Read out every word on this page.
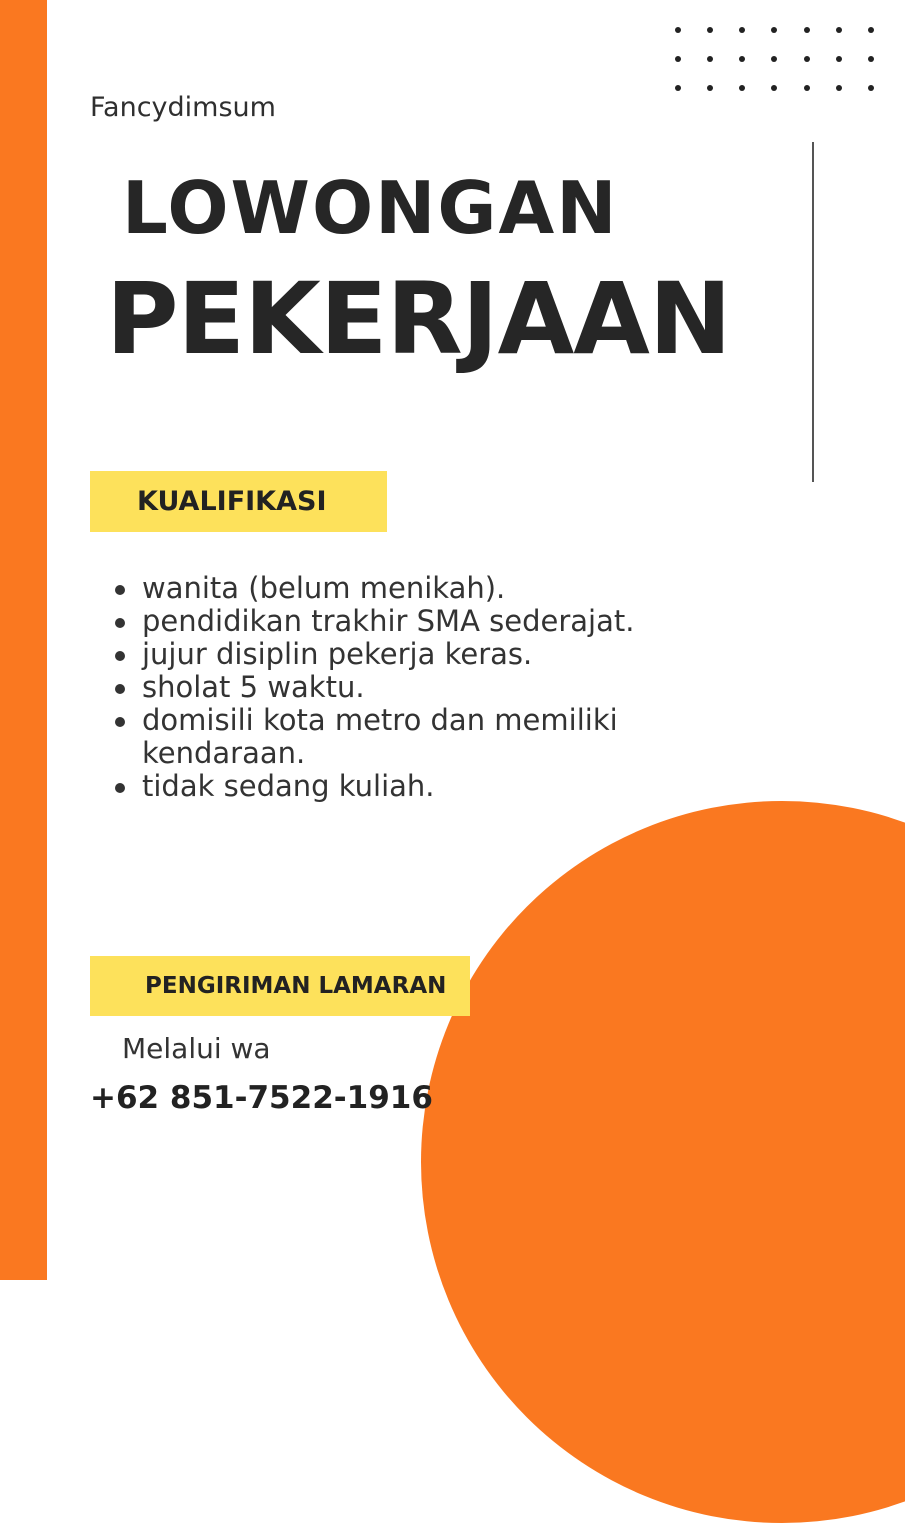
Fancydimsum
LOWONGAN
PEKERJAAN
KUALIFIKASI
wanita (belum menikah).
pendidikan trakhir SMA sederajat.
jujur disiplin pekerja keras.
sholat 5 waktu.
domisili kota metro dan memiliki kendaraan.
tidak sedang kuliah.
PENGIRIMAN LAMARAN
Melalui wa
+62 851-7522-1916
